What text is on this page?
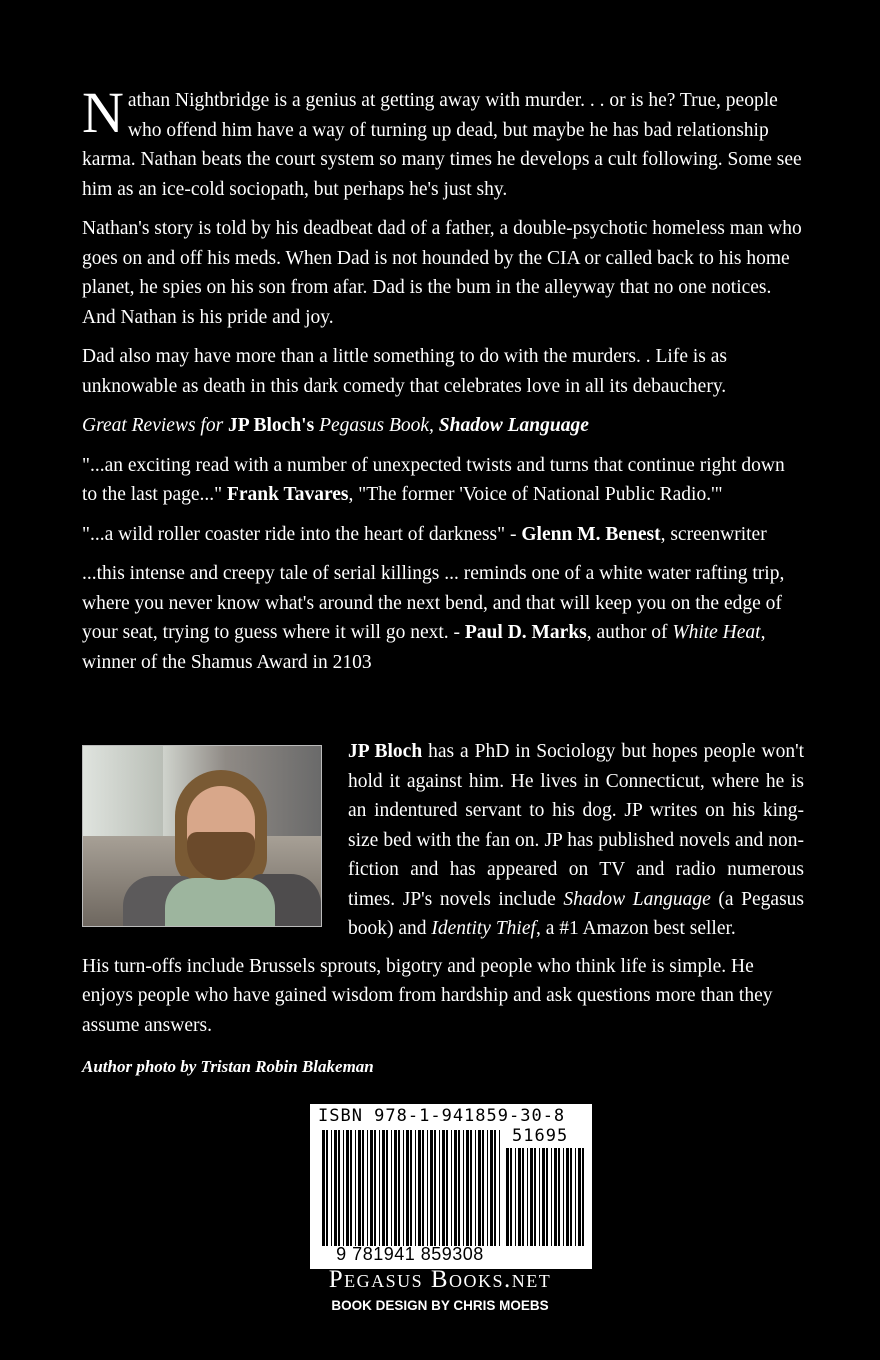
Nathan Nightbridge is a genius at getting away with murder. . . or is he? True, people who offend him have a way of turning up dead, but maybe he has bad relationship karma. Nathan beats the court system so many times he develops a cult following. Some see him as an ice-cold sociopath, but perhaps he's just shy.

Nathan's story is told by his deadbeat dad of a father, a double-psychotic homeless man who goes on and off his meds. When Dad is not hounded by the CIA or called back to his home planet, he spies on his son from afar. Dad is the bum in the alleyway that no one notices. And Nathan is his pride and joy.

Dad also may have more than a little something to do with the murders. . Life is as unknowable as death in this dark comedy that celebrates love in all its debauchery.

Great Reviews for JP Bloch's Pegasus Book, Shadow Language

"...an exciting read with a number of unexpected twists and turns that continue right down to the last page..." Frank Tavares, "The former 'Voice of National Public Radio.'"

"...a wild roller coaster ride into the heart of darkness" - Glenn M. Benest, screenwriter

...this intense and creepy tale of serial killings ... reminds one of a white water rafting trip, where you never know what's around the next bend, and that will keep you on the edge of your seat, trying to guess where it will go next. - Paul D. Marks, author of White Heat, winner of the Shamus Award in 2103

JP Bloch has a PhD in Sociology but hopes people won't hold it against him. He lives in Connecticut, where he is an indentured servant to his dog. JP writes on his king-size bed with the fan on. JP has published novels and non-fiction and has appeared on TV and radio numerous times. JP's novels include Shadow Language (a Pegasus book) and Identity Thief, a #1 Amazon best seller.

His turn-offs include Brussels sprouts, bigotry and people who think life is simple. He enjoys people who have gained wisdom from hardship and ask questions more than they assume answers.

Author photo by Tristan Robin Blakeman

ISBN 978-1-941859-30-8
51695
9 781941 859308
Pegasus Books.net
BOOK DESIGN BY CHRIS MOEBS
